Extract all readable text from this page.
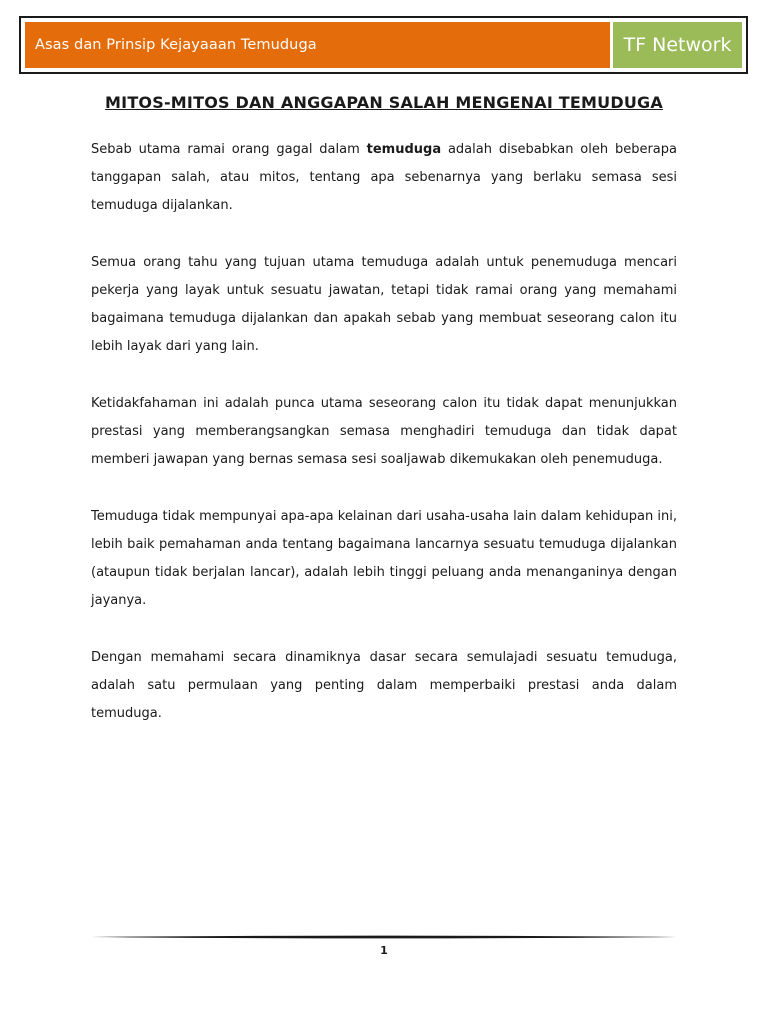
Asas dan Prinsip Kejayaaan Temuduga	TF Network
MITOS-MITOS DAN ANGGAPAN SALAH MENGENAI TEMUDUGA

Sebab utama ramai orang gagal dalam temuduga adalah disebabkan oleh beberapa tanggapan salah, atau mitos, tentang apa sebenarnya yang berlaku semasa sesi temuduga dijalankan.

Semua orang tahu yang tujuan utama temuduga adalah untuk penemuduga mencari pekerja yang layak untuk sesuatu jawatan, tetapi tidak ramai orang yang memahami bagaimana temuduga dijalankan dan apakah sebab yang membuat seseorang calon itu lebih layak dari yang lain.

Ketidakfahaman ini adalah punca utama seseorang calon itu tidak dapat menunjukkan prestasi yang memberangsangkan semasa menghadiri temuduga dan tidak dapat memberi jawapan yang bernas semasa sesi soaljawab dikemukakan oleh penemuduga.

Temuduga tidak mempunyai apa-apa kelainan dari usaha-usaha lain dalam kehidupan ini, lebih baik pemahaman anda tentang bagaimana lancarnya sesuatu temuduga dijalankan (ataupun tidak berjalan lancar), adalah lebih tinggi peluang anda menanganinya dengan jayanya.

Dengan memahami secara dinamiknya dasar secara semulajadi sesuatu temuduga, adalah satu permulaan yang penting dalam memperbaiki prestasi anda dalam temuduga.

1
